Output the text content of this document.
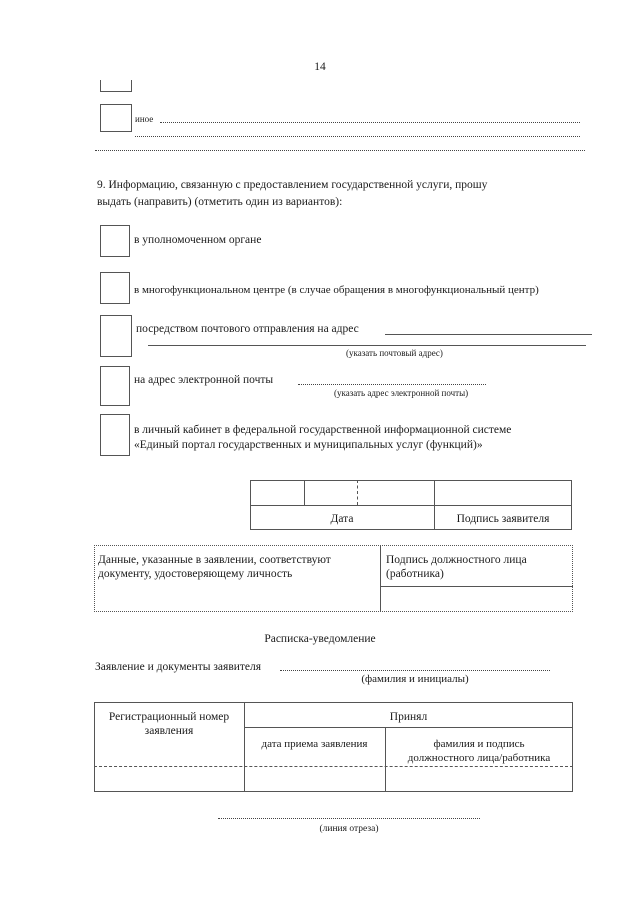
14
иное
9. Информацию, связанную с предоставлением государственной услуги, прошу
выдать (направить) (отметить один из вариантов):
в уполномоченном органе
в многофункциональном центре (в случае обращения в многофункциональный центр)
посредством почтового отправления на адрес
(указать почтовый адрес)
на адрес электронной почты
(указать адрес электронной почты)
в личный кабинет в федеральной государственной информационной системе
«Единый портал государственных и муниципальных услуг (функций)»
Дата	Подпись заявителя
Данные, указанные в заявлении, соответствуют
документу, удостоверяющему личность
Подпись должностного лица
(работника)
Расписка-уведомление
Заявление и документы заявителя
(фамилия и инициалы)
Регистрационный номер
заявления
Принял
дата приема заявления	фамилия и подпись
должностного лица/работника
(линия отреза)
